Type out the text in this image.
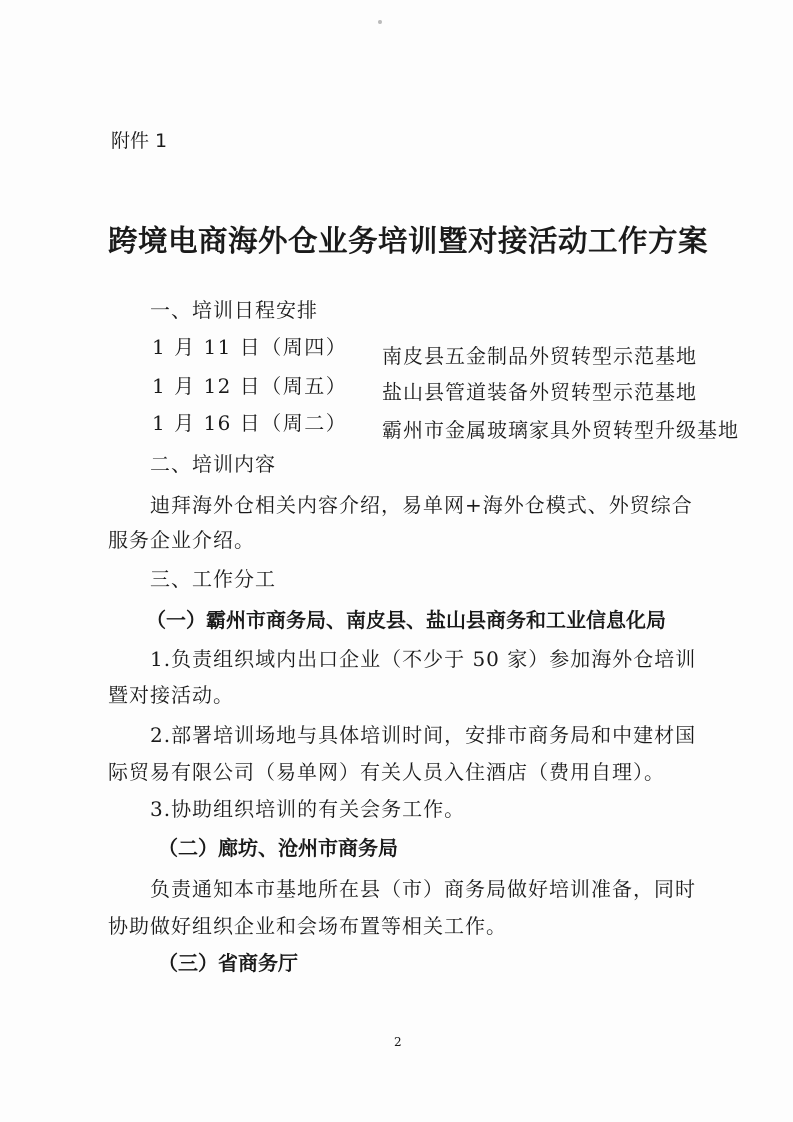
附件 1
跨境电商海外仓业务培训暨对接活动工作方案
一、培训日程安排
1 月 11 日（周四） 南皮县五金制品外贸转型示范基地
1 月 12 日（周五） 盐山县管道装备外贸转型示范基地
1 月 16 日（周二） 霸州市金属玻璃家具外贸转型升级基地
二、培训内容
迪拜海外仓相关内容介绍，易单网+海外仓模式、外贸综合
服务企业介绍。
三、工作分工
（一）霸州市商务局、南皮县、盐山县商务和工业信息化局
1.负责组织域内出口企业（不少于 50 家）参加海外仓培训
暨对接活动。
2.部署培训场地与具体培训时间，安排市商务局和中建材国
际贸易有限公司（易单网）有关人员入住酒店（费用自理）。
3.协助组织培训的有关会务工作。
（二）廊坊、沧州市商务局
负责通知本市基地所在县（市）商务局做好培训准备，同时
协助做好组织企业和会场布置等相关工作。
（三）省商务厅
2
